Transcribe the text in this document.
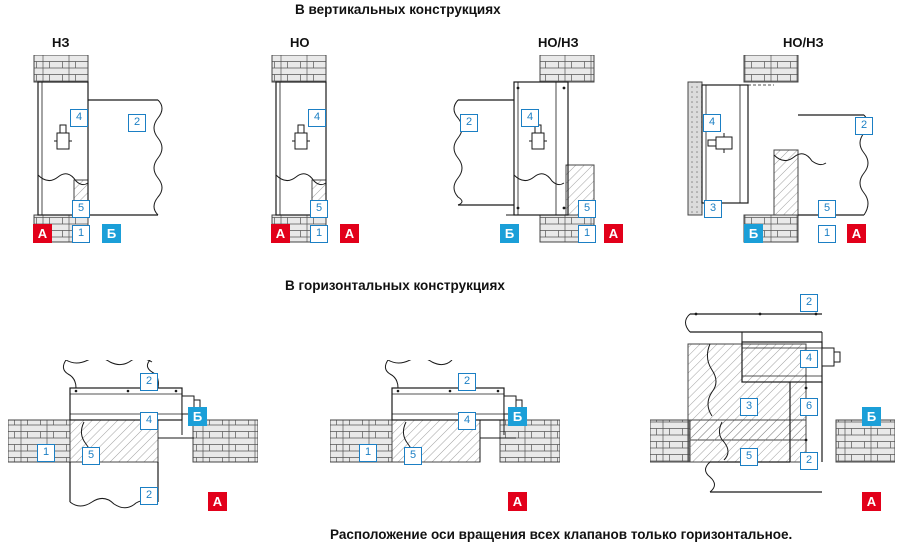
В вертикальных конструкциях
В горизонтальных конструкциях
Расположение оси вращения всех клапанов только горизонтальное.
НЗ	НО	НО/НЗ	НО/НЗ
4	2
5
1
А	Б
4
5
1
А	А
2	4
5
1
Б	А
4	2
3	5
1
Б	А
2
4
1	5
2
Б
А
2
4
1	5
Б
А
2
4
3	6
5	2
Б
А
